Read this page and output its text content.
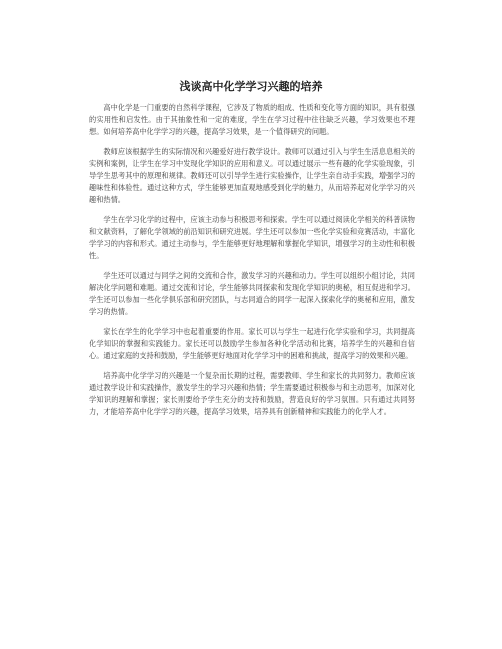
浅谈高中化学学习兴趣的培养

高中化学是一门重要的自然科学课程，它涉及了物质的组成、性质和变化等方面的知识，具有很强的实用性和启发性。由于其抽象性和一定的难度，学生在学习过程中往往缺乏兴趣，学习效果也不理想。如何培养高中化学学习的兴趣，提高学习效果，是一个值得研究的问题。

教师应该根据学生的实际情况和兴趣爱好进行教学设计。教师可以通过引入与学生生活息息相关的实例和案例，让学生在学习中发现化学知识的应用和意义。可以通过展示一些有趣的化学实验现象，引导学生思考其中的原理和规律。教师还可以引导学生进行实验操作，让学生亲自动手实践，增强学习的趣味性和体验性。通过这种方式，学生能够更加直观地感受到化学的魅力，从而培养起对化学学习的兴趣和热情。

学生在学习化学的过程中，应该主动参与积极思考和探索。学生可以通过阅读化学相关的科普读物和文献资料，了解化学领域的前沿知识和研究进展。学生还可以参加一些化学实验和竞赛活动，丰富化学学习的内容和形式。通过主动参与，学生能够更好地理解和掌握化学知识，增强学习的主动性和积极性。

学生还可以通过与同学之间的交流和合作，激发学习的兴趣和动力。学生可以组织小组讨论，共同解决化学问题和难题。通过交流和讨论，学生能够共同探索和发现化学知识的奥秘，相互促进和学习。学生还可以参加一些化学俱乐部和研究团队，与志同道合的同学一起深入探索化学的奥秘和应用，激发学习的热情。

家长在学生的化学学习中也起着重要的作用。家长可以与学生一起进行化学实验和学习，共同提高化学知识的掌握和实践能力。家长还可以鼓励学生参加各种化学活动和比赛，培养学生的兴趣和自信心。通过家庭的支持和鼓励，学生能够更好地面对化学学习中的困难和挑战，提高学习的效果和兴趣。

培养高中化学学习的兴趣是一个复杂而长期的过程，需要教师、学生和家长的共同努力。教师应该通过教学设计和实践操作，激发学生的学习兴趣和热情；学生需要通过积极参与和主动思考，加深对化学知识的理解和掌握；家长则要给予学生充分的支持和鼓励，营造良好的学习氛围。只有通过共同努力，才能培养高中化学学习的兴趣，提高学习效果，培养具有创新精神和实践能力的化学人才。
